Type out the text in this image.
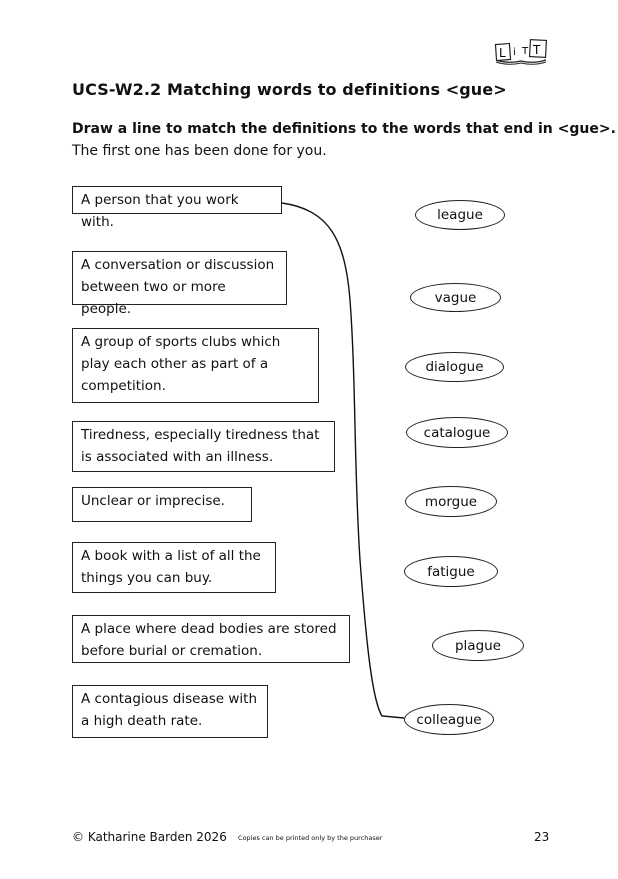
L i T T
UCS-W2.2 Matching words to definitions <gue>
Draw a line to match the definitions to the words that end in <gue>.
The first one has been done for you.
A person that you work with.
A conversation or discussion between two or more people.
A group of sports clubs which play each other as part of a competition.
Tiredness, especially tiredness that is associated with an illness.
Unclear or imprecise.
A book with a list of all the things you can buy.
A place where dead bodies are stored before burial or cremation.
A contagious disease with a high death rate.
league
vague
dialogue
catalogue
morgue
fatigue
plague
colleague
© Katharine Barden 2026 Copies can be printed only by the purchaser	23
